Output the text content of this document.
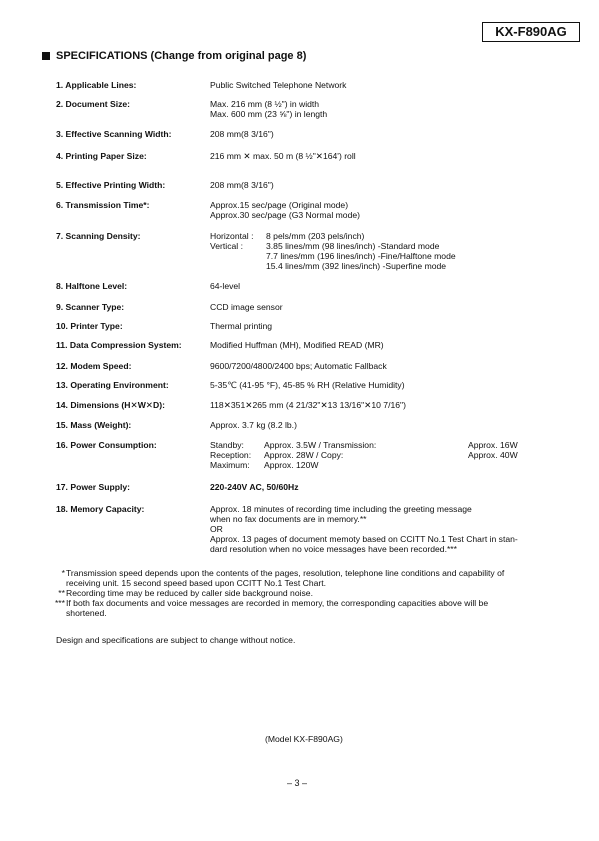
KX-F890AG
SPECIFICATIONS (Change from original page 8)
1. Applicable Lines:	Public Switched Telephone Network
2. Document Size:	Max. 216 mm (8 ½") in width
Max. 600 mm (23 ⅝") in length
3. Effective Scanning Width:	208 mm(8 3/16")
4. Printing Paper Size:	216 mm ✕ max. 50 m (8 ½"✕164') roll
5. Effective Printing Width:	208 mm(8 3/16")
6. Transmission Time*:	Approx.15 sec/page (Original mode)
Approx.30 sec/page (G3 Normal mode)
7. Scanning Density:	Horizontal :	8 pels/mm (203 pels/inch)
Vertical :	3.85 lines/mm (98 lines/inch) -Standard mode
7.7 lines/mm (196 lines/inch) -Fine/Halftone mode
15.4 lines/mm (392 lines/inch) -Superfine mode
8. Halftone Level:	64-level
9. Scanner Type:	CCD image sensor
10. Printer Type:	Thermal printing
11. Data Compression System:	Modified Huffman (MH), Modified READ (MR)
12. Modem Speed:	9600/7200/4800/2400 bps; Automatic Fallback
13. Operating Environment:	5-35℃ (41-95 °F), 45-85 % RH (Relative Humidity)
14. Dimensions (H✕W✕D):	118✕351✕265 mm (4 21/32"✕13 13/16"✕10 7/16")
15. Mass (Weight):	Approx. 3.7 kg (8.2 lb.)
16. Power Consumption:	Standby:	Approx. 3.5W / Transmission:	Approx. 16W
Reception:	Approx. 28W / Copy:	Approx. 40W
Maximum:	Approx. 120W
17. Power Supply:	220-240V AC, 50/60Hz
18. Memory Capacity:	Approx. 18 minutes of recording time including the greeting message
when no fax documents are in memory.**
OR
Approx. 13 pages of document memoty based on CCITT No.1 Test Chart in stan-
dard resolution when no voice messages have been recorded.***
* Transmission speed depends upon the contents of the pages, resolution, telephone line conditions and capability of
receiving unit. 15 second speed based upon CCITT No.1 Test Chart.
** Recording time may be reduced by caller side background noise.
*** If both fax documents and voice messages are recorded in memory, the corresponding capacities above will be
shortened.
Design and specifications are subject to change without notice.
(Model KX-F890AG)
– 3 –
